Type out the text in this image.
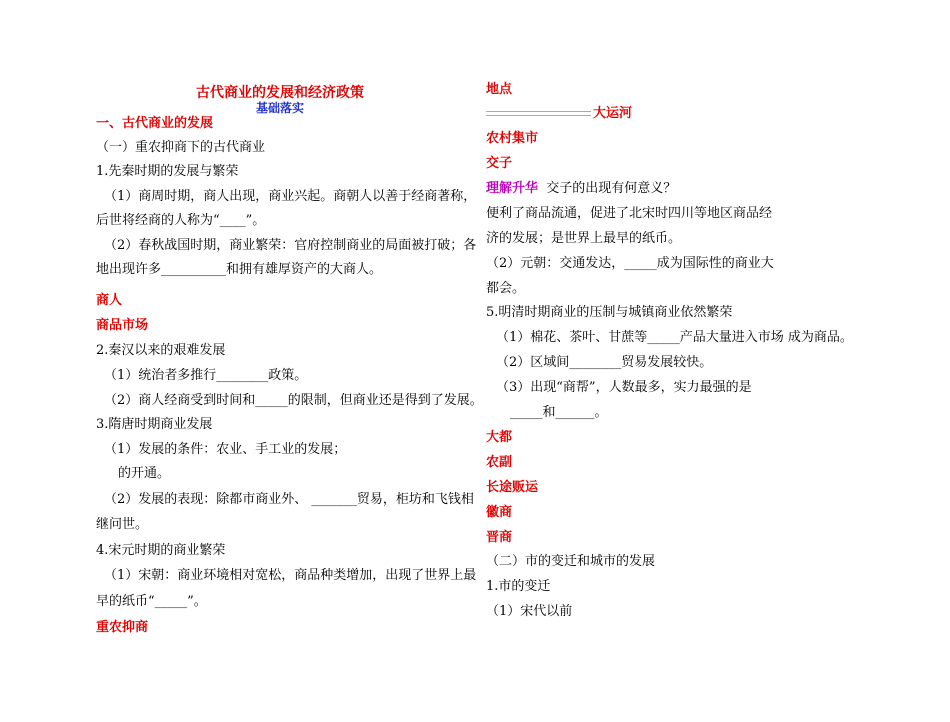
古代商业的发展和经济政策
基础落实
一、古代商业的发展
（一）重农抑商下的古代商业
1.先秦时期的发展与繁荣
（1）商周时期，商人出现，商业兴起。商朝人以善于经商著称，
后世将经商的人称为“____”。
（2）春秋战国时期，商业繁荣：官府控制商业的局面被打破；各
地出现许多__________和拥有雄厚资产的大商人。
商人
商品市场
2.秦汉以来的艰难发展
（1）统治者多推行________政策。
（2）商人经商受到时间和_____的限制，但商业还是得到了发展。
3.隋唐时期商业发展
（1）发展的条件：农业、手工业的发展；
的开通。
（2）发展的表现：除都市商业外、 _______贸易，柜坊和飞钱相
继问世。
4.宋元时期的商业繁荣
（1）宋朝：商业环境相对宽松，商品种类增加，出现了世界上最
早的纸币“_____”。
重农抑商
地点
大运河
农村集市
交子
理解升华 交子的出现有何意义？
便利了商品流通，促进了北宋时四川等地区商品经
济的发展；是世界上最早的纸币。
（2）元朝：交通发达，_____成为国际性的商业大
都会。
5.明清时期商业的压制与城镇商业依然繁荣
（1）棉花、茶叶、甘蔗等_____产品大量进入市场 成为商品。
（2）区域间________贸易发展较快。
（3）出现“商帮”，人数最多，实力最强的是
_____和______。
大都
农副
长途贩运
徽商
晋商
（二）市的变迁和城市的发展
1.市的变迁
（1）宋代以前
